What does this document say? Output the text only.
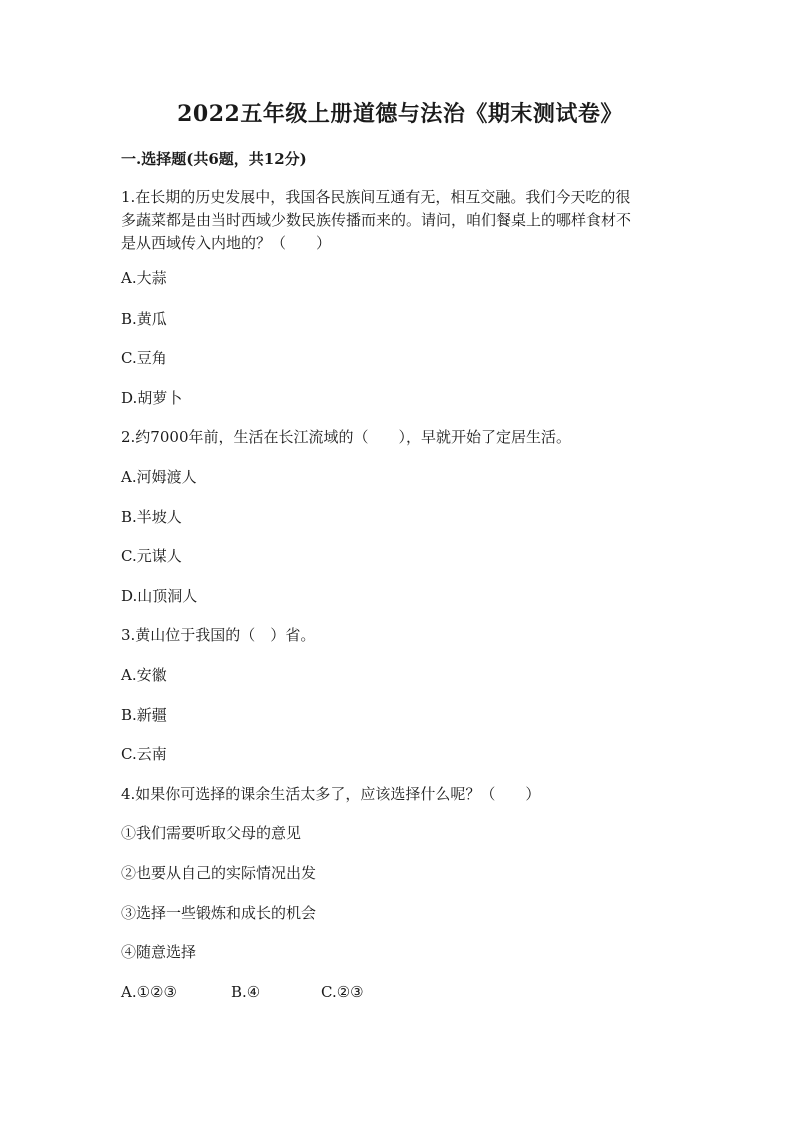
2022五年级上册道德与法治《期末测试卷》
一.选择题(共6题，共12分)
1.在长期的历史发展中，我国各民族间互通有无，相互交融。我们今天吃的很
多蔬菜都是由当时西域少数民族传播而来的。请问，咱们餐桌上的哪样食材不
是从西域传入内地的？（　　）
A.大蒜
B.黄瓜
C.豆角
D.胡萝卜
2.约7000年前，生活在长江流域的（　　），早就开始了定居生活。
A.河姆渡人
B.半坡人
C.元谋人
D.山顶洞人
3.黄山位于我国的（　）省。
A.安徽
B.新疆
C.云南
4.如果你可选择的课余生活太多了，应该选择什么呢？（　　）
①我们需要听取父母的意见
②也要从自己的实际情况出发
③选择一些锻炼和成长的机会
④随意选择
A.①②③	B.④	C.②③
